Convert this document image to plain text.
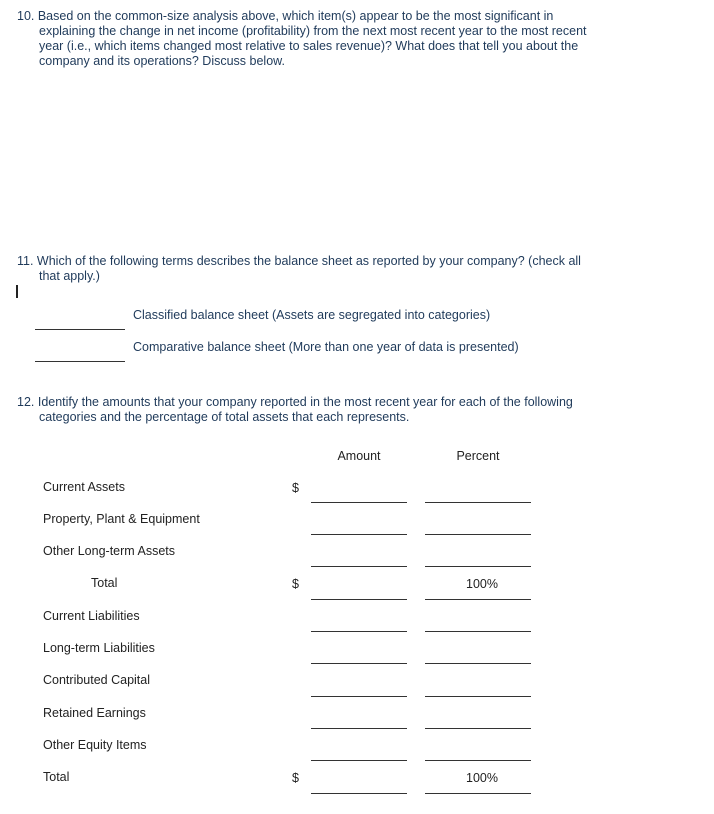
10. Based on the common-size analysis above, which item(s) appear to be the most significant in
explaining the change in net income (profitability) from the next most recent year to the most recent
year (i.e., which items changed most relative to sales revenue)? What does that tell you about the
company and its operations? Discuss below.
11. Which of the following terms describes the balance sheet as reported by your company? (check all
that apply.)
Classified balance sheet (Assets are segregated into categories)
Comparative balance sheet (More than one year of data is presented)
12. Identify the amounts that your company reported in the most recent year for each of the following
categories and the percentage of total assets that each represents.
Amount	Percent
Current Assets	$
Property, Plant & Equipment
Other Long-term Assets
Total	$	100%
Current Liabilities
Long-term Liabilities
Contributed Capital
Retained Earnings
Other Equity Items
Total	$	100%
